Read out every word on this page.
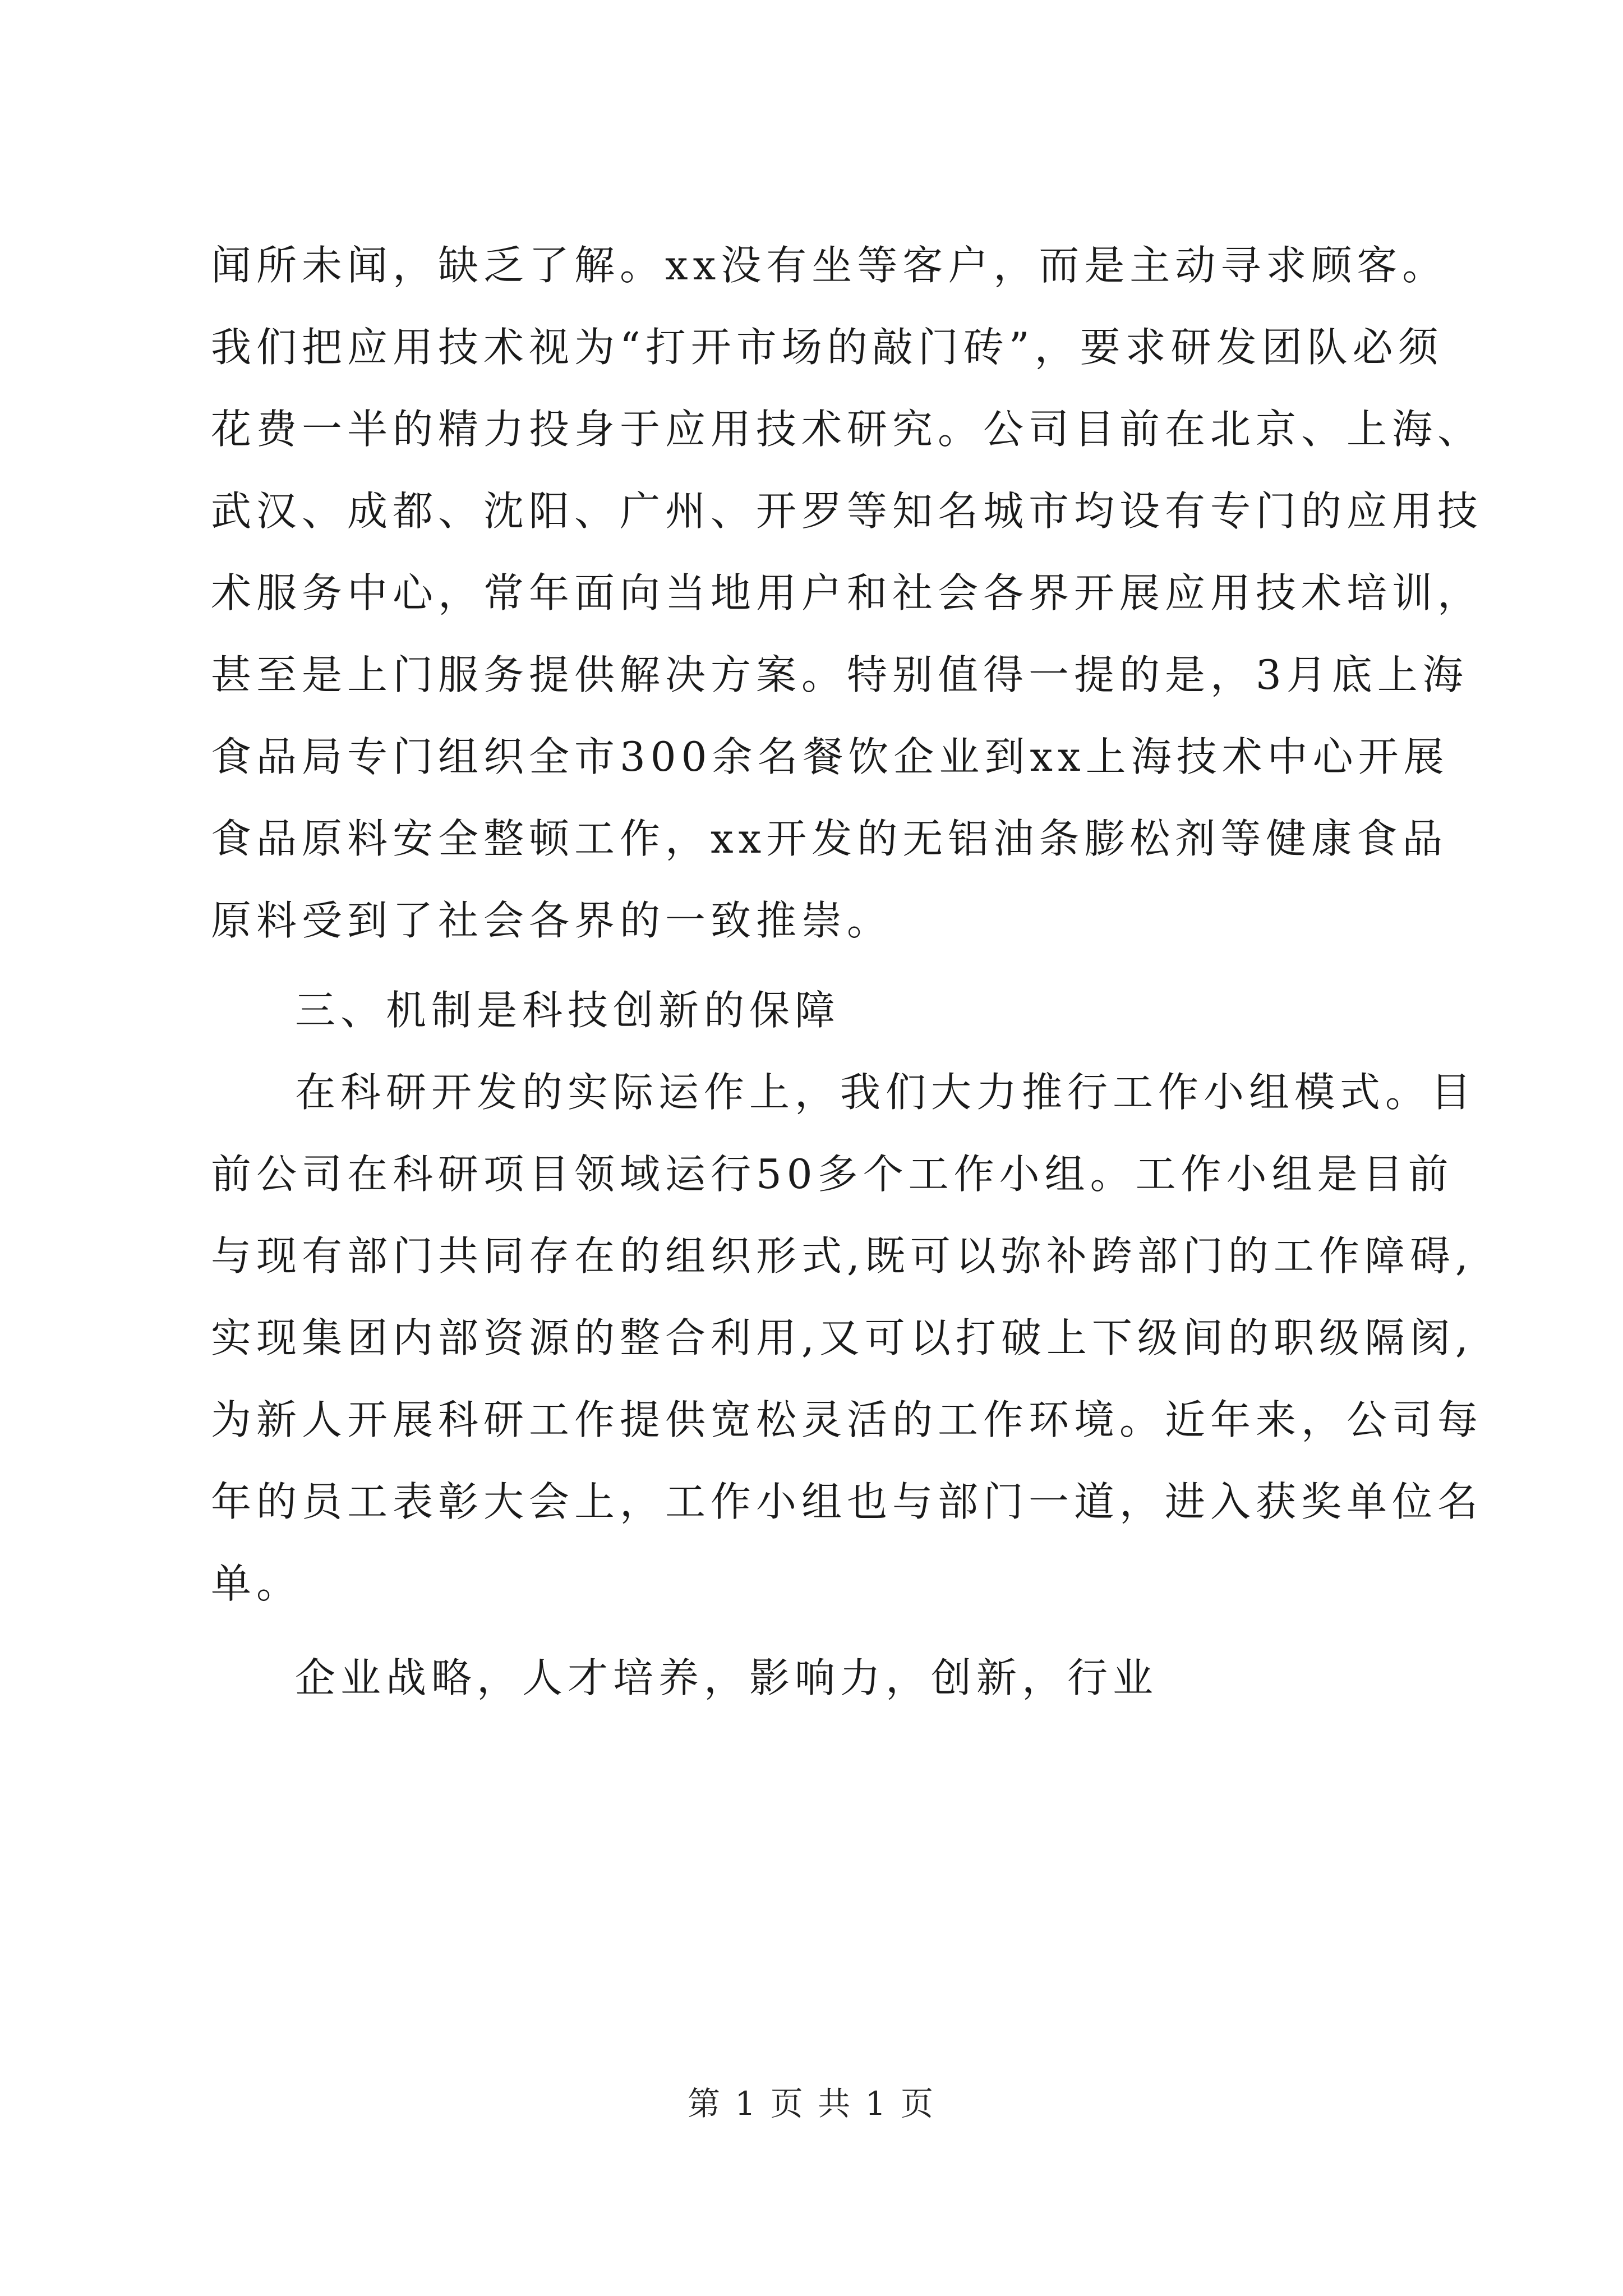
闻所未闻，缺乏了解。xx没有坐等客户，而是主动寻求顾客。
我们把应用技术视为“打开市场的敲门砖”，要求研发团队必须
花费一半的精力投身于应用技术研究。公司目前在北京、上海、
武汉、成都、沈阳、广州、开罗等知名城市均设有专门的应用技
术服务中心，常年面向当地用户和社会各界开展应用技术培训，
甚至是上门服务提供解决方案。特别值得一提的是，3月底上海
食品局专门组织全市300余名餐饮企业到xx上海技术中心开展
食品原料安全整顿工作，xx开发的无铝油条膨松剂等健康食品
原料受到了社会各界的一致推崇。
三、机制是科技创新的保障
在科研开发的实际运作上，我们大力推行工作小组模式。目
前公司在科研项目领域运行50多个工作小组。工作小组是目前
与现有部门共同存在的组织形式,既可以弥补跨部门的工作障碍,
实现集团内部资源的整合利用,又可以打破上下级间的职级隔阂,
为新人开展科研工作提供宽松灵活的工作环境。近年来，公司每
年的员工表彰大会上，工作小组也与部门一道，进入获奖单位名
单。
企业战略，人才培养，影响力，创新，行业
第 1 页 共 1 页
